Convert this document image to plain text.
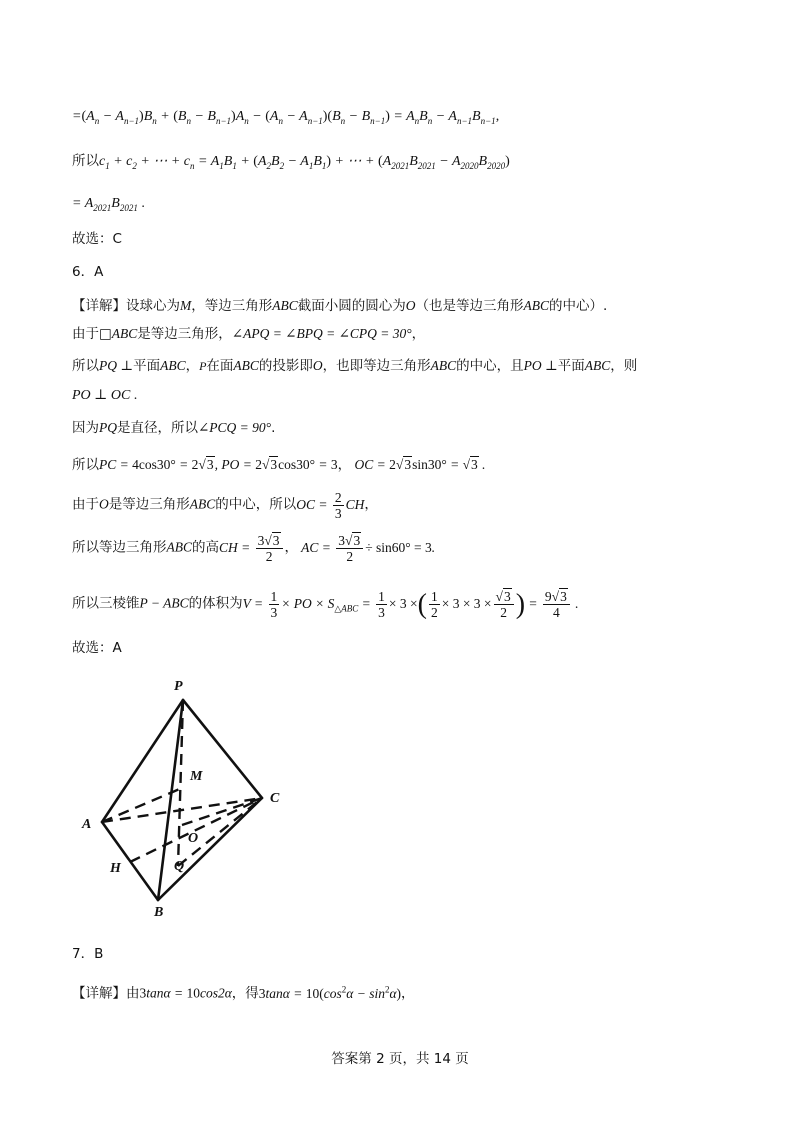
$=(A_n - A_{n-1})B_n + (B_n - B_{n-1})A_n - (A_n - A_{n-1})(B_n - B_{n-1}) = A_nB_n - A_{n-1}B_{n-1}$,
所以$c_1 + c_2$ + ⋯ + $c_n = A_1B_1 + (A_2B_2 - A_1B_1)$ + ⋯ + $(A_{2021}B_{2021} - A_{2020}B_{2020})$
= $A_{2021}B_{2021}$ .
故选：C
6．A
【详解】设球心为M，等边三角形ABC截面小圆的圆心为O（也是等边三角形ABC的中心）.
由于□ABC是等边三角形，∠APQ = ∠BPQ = ∠CPQ = 30°，
所以PQ ⊥平面ABC，P在面ABC的投影即O，也即等边三角形ABC的中心，且PO ⊥平面ABC，则
PO ⊥ OC .
因为PQ是直径，所以∠PCQ = 90°.
所以PC = 4cos30° = 2√3, PO = 2√3cos30° = 3， OC = 2√3sin30° = √3 .
由于O是等边三角形ABC的中心，所以OC = $\frac{2}{3}$ CH，
所以等边三角形ABC的高CH = $\frac{3√3}{2}$ ， AC = $\frac{3√3}{2} \div \sin 60^\circ = 3$.
所以三棱锥P − ABC的体积为$V = \frac{1}{3}$ × PO × $S_{\triangle ABC} = \frac{1}{3} \times 3$ ×( $\frac{1}{2} \times 3 \times 3 \times \frac{√3}{2}$ ) = $\frac{9√3}{4}$ .
故选：A
P
M
C
A
O
H	Q
B
7．B
【详解】由3tanα = 10cos2α，得$3\tan\alpha = 10(\cos^2\alpha - \sin^2\alpha)$，
答案第 2 页，共 14 页
